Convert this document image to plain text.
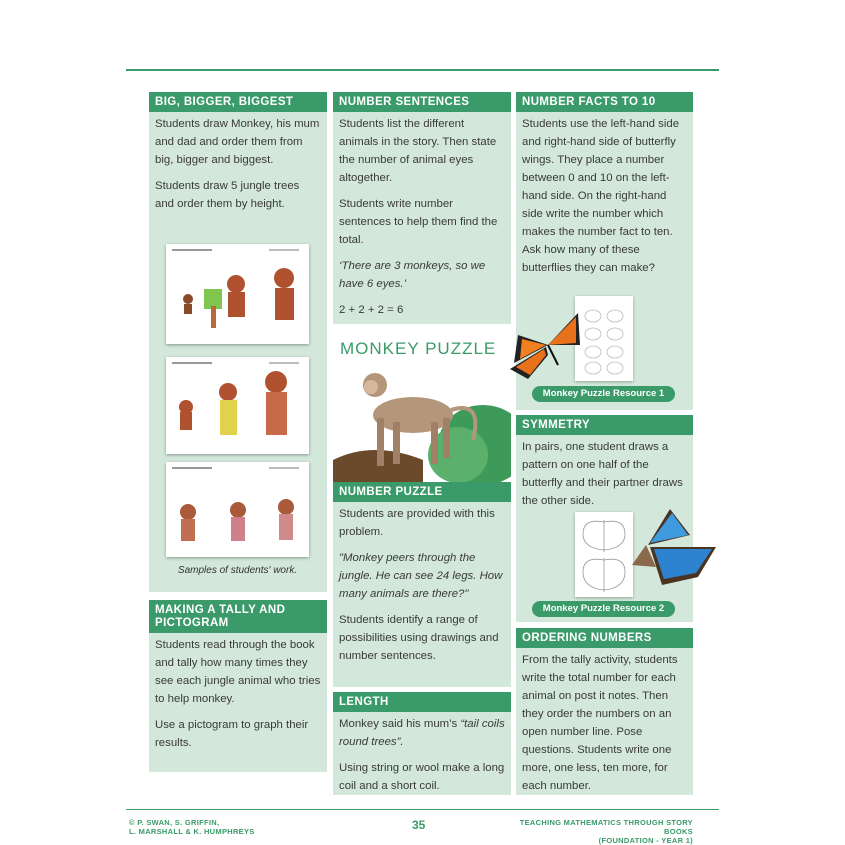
BIG, BIGGER, BIGGEST

Students draw Monkey, his mum and dad and order them from big, bigger and biggest.

Students draw 5 jungle trees and order them by height.

Samples of students' work.
MAKING A TALLY AND PICTOGRAM

Students read through the book and tally how many times they see each jungle animal who tries to help monkey.

Use a pictogram to graph their results.

NUMBER SENTENCES

Students list the different animals in the story. Then state the number of animal eyes altogether.

Students write number sentences to help them find the total.

‘There are 3 monkeys, so we have 6 eyes.’

2 + 2 + 2 = 6

MONKEY PUZZLE
NUMBER PUZZLE

Students are provided with this problem.

"Monkey peers through the jungle. He can see 24 legs. How many animals are there?"

Students identify a range of possibilities using drawings and number sentences.

LENGTH

Monkey said his mum’s “tail coils round trees”.

Using string or wool make a long coil and a short coil.

NUMBER FACTS TO 10

Students use the left-hand side and right-hand side of butterfly wings. They place a number between 0 and 10 on the left-hand side. On the right-hand side write the number which makes the number fact to ten. Ask how many of these butterflies they can make?

Monkey Puzzle Resource 1
SYMMETRY

In pairs, one student draws a pattern on one half of the butterfly and their partner draws the other side.

Monkey Puzzle Resource 2
ORDERING NUMBERS

From the tally activity, students write the total number for each animal on post it notes. Then they order the numbers on an open number line. Pose questions. Students write one more, one less, ten more, for each number.

© P. SWAN, S. GRIFFIN,
L. MARSHALL & K. HUMPHREYS	35	TEACHING MATHEMATICS THROUGH STORY BOOKS
(FOUNDATION - YEAR 1)
